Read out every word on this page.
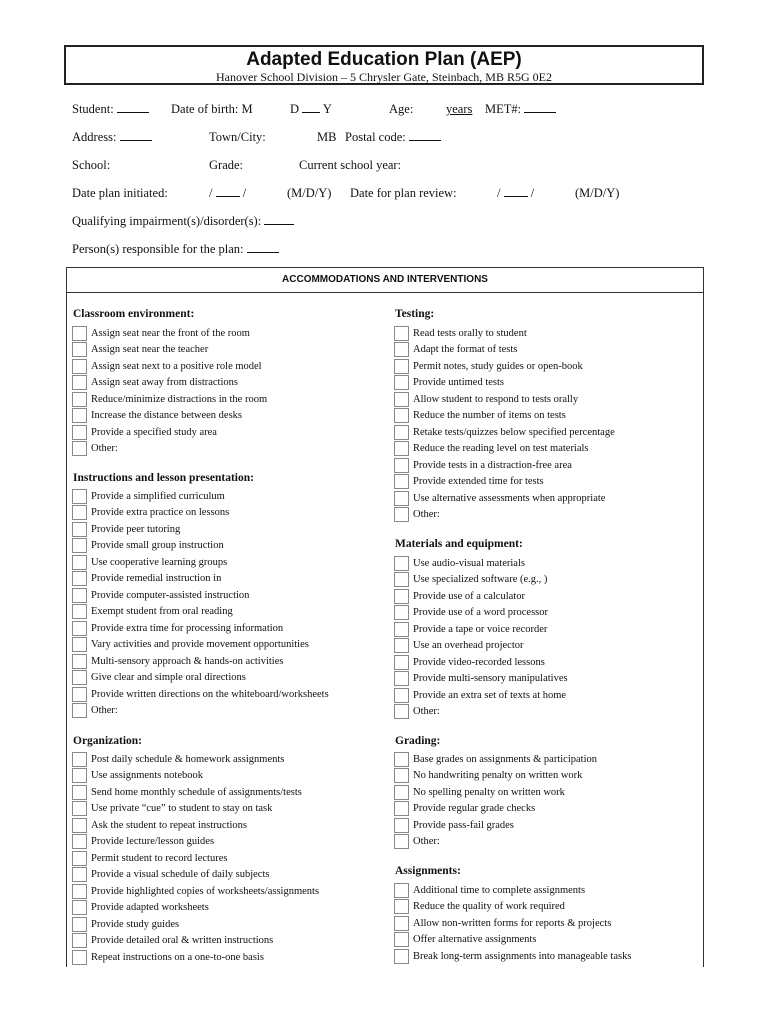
Adapted Education Plan (AEP)
Hanover School Division – 5 Chrysler Gate, Steinbach, MB R5G 0E2
Student:	Date of birth: M	D Y	Age:	years MET#:
Address:	Town/City:	MB Postal code:
School:	Grade:	Current school year:
Date plan initiated:	/ /	(M/D/Y) Date for plan review:	/ /	(M/D/Y)
Qualifying impairment(s)/disorder(s):
Person(s) responsible for the plan:
ACCOMMODATIONS AND INTERVENTIONS
Classroom environment:
Assign seat near the front of the room
Assign seat near the teacher
Assign seat next to a positive role model
Assign seat away from distractions
Reduce/minimize distractions in the room
Increase the distance between desks
Provide a specified study area
Other:
Instructions and lesson presentation:
Provide a simplified curriculum
Provide extra practice on lessons
Provide peer tutoring
Provide small group instruction
Use cooperative learning groups
Provide remedial instruction in
Provide computer-assisted instruction
Exempt student from oral reading
Provide extra time for processing information
Vary activities and provide movement opportunities
Multi-sensory approach & hands-on activities
Give clear and simple oral directions
Provide written directions on the whiteboard/worksheets
Other:
Organization:
Post daily schedule & homework assignments
Use assignments notebook
Send home monthly schedule of assignments/tests
Use private “cue” to student to stay on task
Ask the student to repeat instructions
Provide lecture/lesson guides
Permit student to record lectures
Provide a visual schedule of daily subjects
Provide highlighted copies of worksheets/assignments
Provide adapted worksheets
Provide study guides
Provide detailed oral & written instructions
Repeat instructions on a one-to-one basis
Testing:
Read tests orally to student
Adapt the format of tests
Permit notes, study guides or open-book
Provide untimed tests
Allow student to respond to tests orally
Reduce the number of items on tests
Retake tests/quizzes below specified percentage
Reduce the reading level on test materials
Provide tests in a distraction-free area
Provide extended time for tests
Use alternative assessments when appropriate
Other:
Materials and equipment:
Use audio-visual materials
Use specialized software (e.g., )
Provide use of a calculator
Provide use of a word processor
Provide a tape or voice recorder
Use an overhead projector
Provide video-recorded lessons
Provide multi-sensory manipulatives
Provide an extra set of texts at home
Other:
Grading:
Base grades on assignments & participation
No handwriting penalty on written work
No spelling penalty on written work
Provide regular grade checks
Provide pass-fail grades
Other:
Assignments:
Additional time to complete assignments
Reduce the quality of work required
Allow non-written forms for reports & projects
Offer alternative assignments
Break long-term assignments into manageable tasks
